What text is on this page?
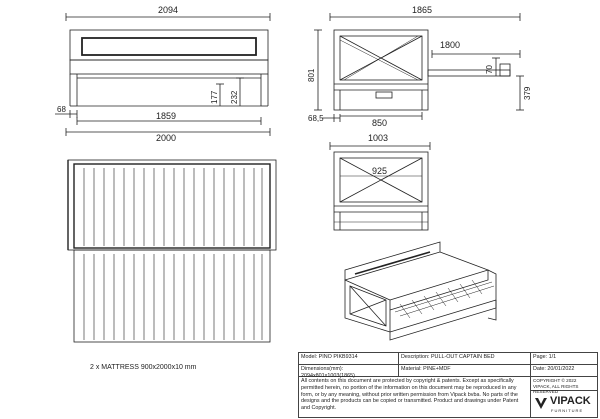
2094
68
1859
2000
177 232
1865
1800
801	70
379
68,5	850
1003
925
2 x MATTRESS 900x2000x10 mm
Model: PINO PIKB9314	Description: PULL-OUT CAPTAIN BED	Page: 1/1
Dimensions(mm): 2094x801x1003(1865)
Material: PINE+MDF	Date: 20/01/2022
All contents on this document are protected by copyright & patents. Except as specifically permitted herein, no portion of the information on this document may be reproduced in any form, or by any meaning, without prior written permission from Vipack bvba. No parts of the designs and the products can be copied or transmitted. Product and drawings under Patent and Copyright.
COPYRIGHT © 2022 VIPACK, ALL RIGHTS RESERVED
VIPACK
FURNITURE
